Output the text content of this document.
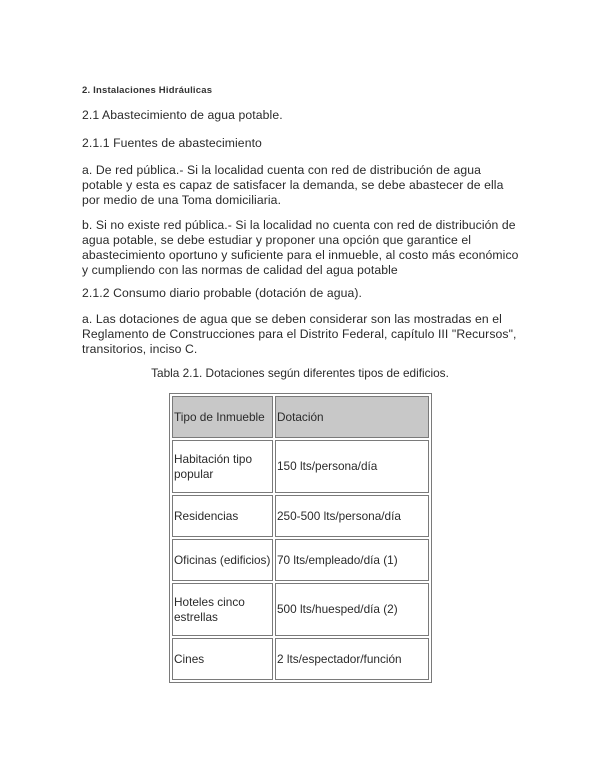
2. Instalaciones Hidráulicas
2.1 Abastecimiento de agua potable.
2.1.1 Fuentes de abastecimiento
a. De red pública.- Si la localidad cuenta con red de distribución de agua potable y esta es capaz de satisfacer la demanda, se debe abastecer de ella por medio de una Toma domiciliaria.
b. Si no existe red pública.- Si la localidad no cuenta con red de distribución de agua potable, se debe estudiar y proponer una opción que garantice el abastecimiento oportuno y suficiente para el inmueble, al costo más económico y cumpliendo con las normas de calidad del agua potable
2.1.2 Consumo diario probable (dotación de agua).
a. Las dotaciones de agua que se deben considerar son las mostradas en el Reglamento de Construcciones para el Distrito Federal, capítulo III "Recursos", transitorios, inciso C.
Tabla 2.1. Dotaciones según diferentes tipos de edificios.
Tipo de Inmueble	Dotación
Habitación tipo popular	150 lts/persona/día
Residencias	250-500 lts/persona/día
Oficinas (edificios)	70 lts/empleado/día (1)
Hoteles cinco estrellas	500 lts/huesped/día (2)
Cines	2 lts/espectador/función
